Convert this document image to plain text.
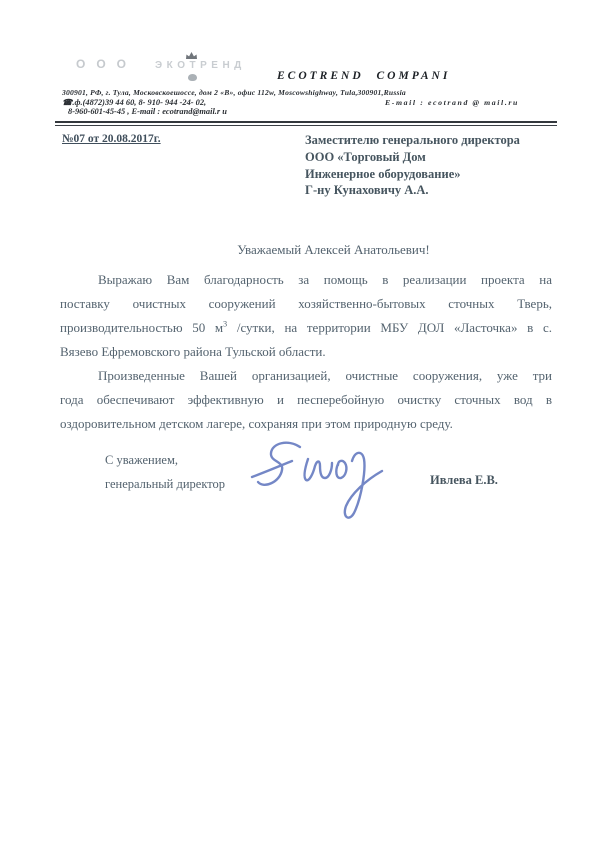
ООО ЭКОТРЕНД
ECOTREND COMPANI
300901, РФ, г. Тула, Московскоешоссе, дом 2 «В», офис 112w, Moscowshighway, Tula,300901,Russia
☎.ф.(4872)39 44 60, 8- 910- 944 -24- 02,	E-mail : ecotrand @ mail.ru
8-960-601-45-45 , E-mail : ecotrand@mail.r u
№07 от 20.08.2017г.	Заместителю генерального директора
ООО «Торговый Дом
Инженерное оборудование»
Г-ну Кунаховичу А.А.
Уважаемый Алексей Анатольевич!
Выражаю Вам благодарность за помощь в реализации проекта на
поставку очистных сооружений хозяйственно-бытовых сточных Тверь,
производительностью 50 $м^3$ /сутки, на территории МБУ ДОЛ «Ласточка» в с.
Вязево Ефремовского района Тульской области.
Произведенные Вашей организацией, очистные сооружения, уже три
года обеспечивают эффективную и песперебойную очистку сточных вод в
оздоровительном детском лагере, сохраняя при этом природную среду.
С уважением,
генеральный директор	Ивлева Е.В.
